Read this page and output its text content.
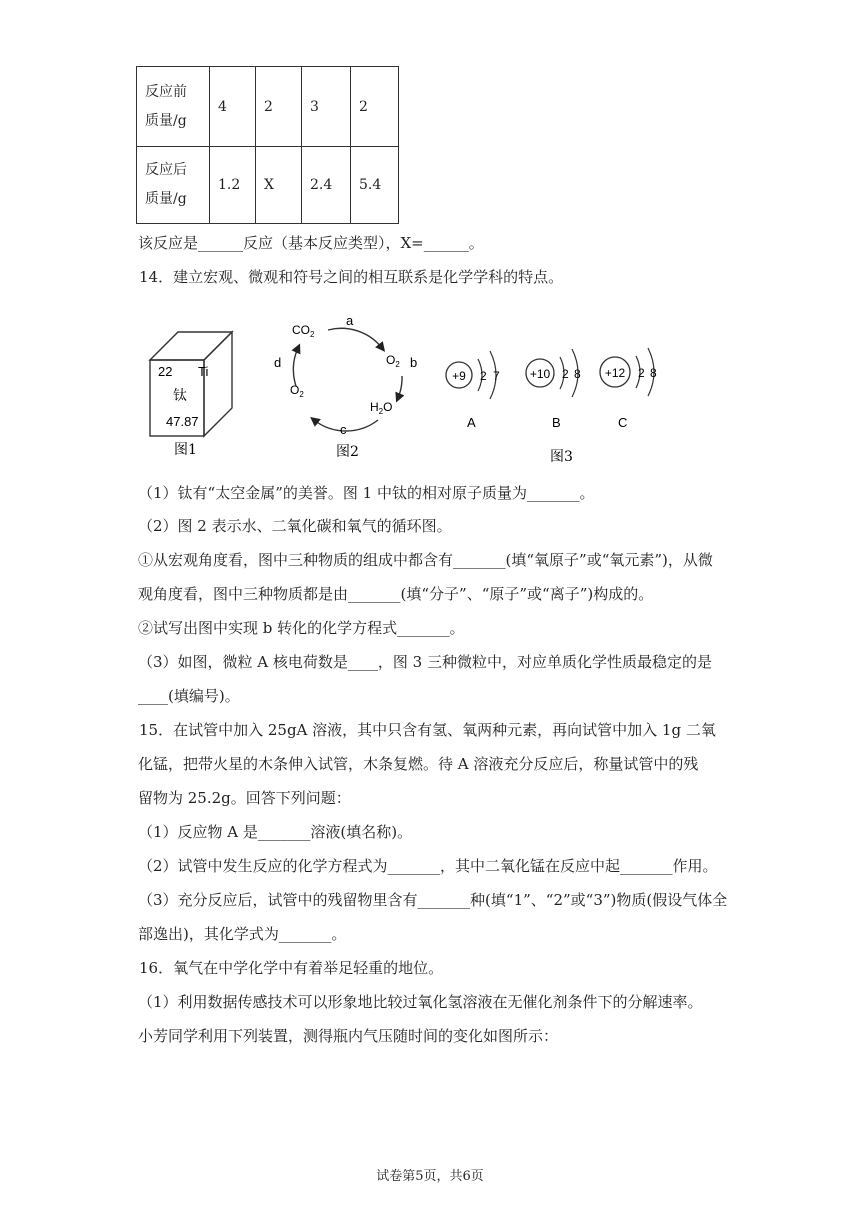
反应前
质量/g	4	2	3	2
反应后
质量/g	1.2	X	2.4	5.4
该反应是______反应（基本反应类型），X=______。
14．建立宏观、微观和符号之间的相互联系是化学学科的特点。
22 Ti
钛
47.87
图1
a
b
c
d
$CO_2$
$O_2$
$H_2O$
$O_2$
图2
+9 2 7
A
+10 2 8
B
+12 2 8
C
图3
（1）钛有“太空金属”的美誉。图 1 中钛的相对原子质量为_______。
（2）图 2 表示水、二氧化碳和氧气的循环图。
①从宏观角度看，图中三种物质的组成中都含有_______(填“氧原子”或“氧元素”)，从微
观角度看，图中三种物质都是由_______(填“分子”、“原子”或“离子”)构成的。
②试写出图中实现 b 转化的化学方程式_______。
（3）如图，微粒 A 核电荷数是____，图 3 三种微粒中，对应单质化学性质最稳定的是
____(填编号)。
15．在试管中加入 25gA 溶液，其中只含有氢、氧两种元素，再向试管中加入 1g 二氧
化锰，把带火星的木条伸入试管，木条复燃。待 A 溶液充分反应后，称量试管中的残
留物为 25.2g。回答下列问题：
（1）反应物 A 是_______溶液(填名称)。
（2）试管中发生反应的化学方程式为_______，其中二氧化锰在反应中起_______作用。
（3）充分反应后，试管中的残留物里含有_______种(填“1”、“2”或“3”)物质(假设气体全
部逸出)，其化学式为_______。
16．氧气在中学化学中有着举足轻重的地位。
（1）利用数据传感技术可以形象地比较过氧化氢溶液在无催化剂条件下的分解速率。
小芳同学利用下列装置，测得瓶内气压随时间的变化如图所示：
试卷第5页，共6页
